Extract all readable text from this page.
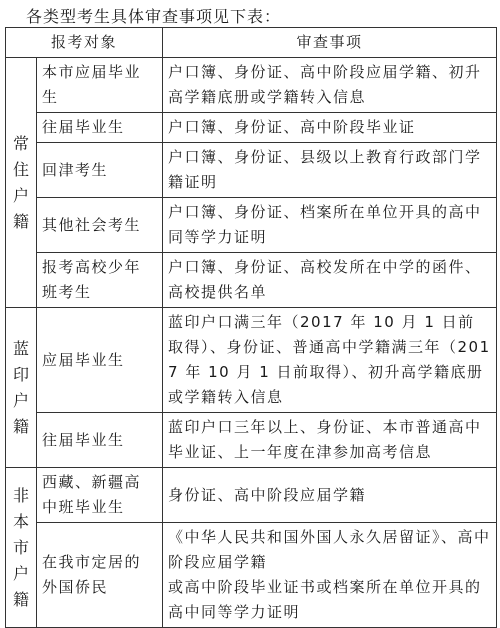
各类型考生具体审查事项见下表：
报考对象		审查事项

常住户籍	本市应届毕业生	户口簿、身份证、高中阶段应届学籍、初升高学籍底册或学籍转入信息
	往届毕业生	户口簿、身份证、高中阶段毕业证
	回津考生	户口簿、身份证、县级以上教育行政部门学籍证明
	其他社会考生	户口簿、身份证、档案所在单位开具的高中同等学力证明
	报考高校少年班考生	户口簿、身份证、高校发所在中学的函件、高校提供名单

蓝印户籍	应届毕业生	蓝印户口满三年（2017 年 10 月 1 日前取得）、身份证、普通高中学籍满三年（2017 年 10 月 1 日前取得）、初升高学籍底册或学籍转入信息
	往届毕业生	蓝印户口三年以上、身份证、本市普通高中毕业证、上一年度在津参加高考信息

非本市户籍	西藏、新疆高中班毕业生	身份证、高中阶段应届学籍
	在我市定居的外国侨民	《中华人民共和国外国人永久居留证》、高中阶段应届学籍
或高中阶段毕业证书或档案所在单位开具的高中同等学力证明
